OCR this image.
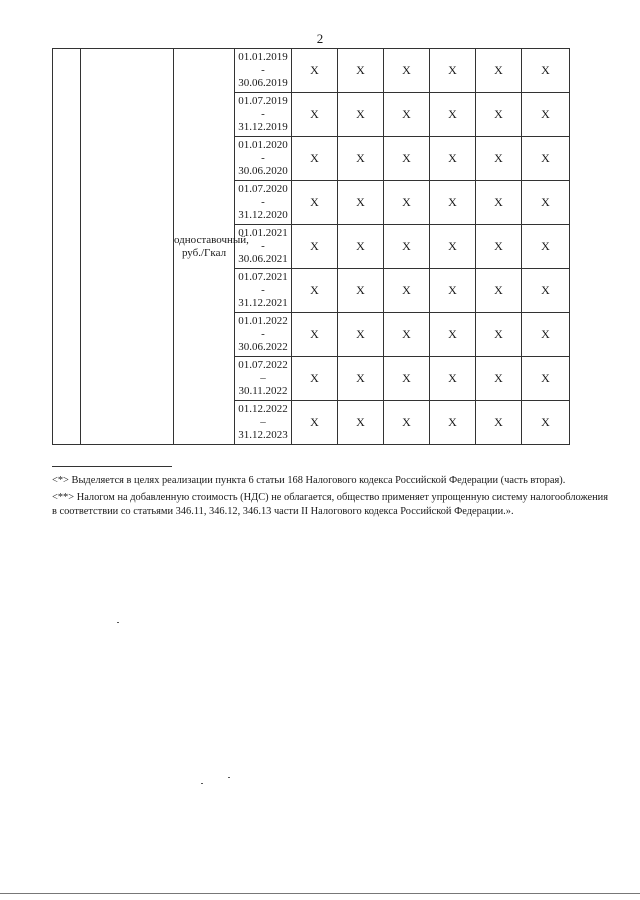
2
		одноставочный, руб./Гкал	01.01.2019
-
30.06.2019	X	X	X	X	X	X

			01.07.2019
-
31.12.2019	X	X	X	X	X	X

			01.01.2020
-
30.06.2020	X	X	X	X	X	X

			01.07.2020
-
31.12.2020	X	X	X	X	X	X

			01.01.2021
-
30.06.2021	X	X	X	X	X	X

			01.07.2021
-
31.12.2021	X	X	X	X	X	X

			01.01.2022
-
30.06.2022	X	X	X	X	X	X

			01.07.2022
–
30.11.2022	X	X	X	X	X	X

			01.12.2022
–
31.12.2023	X	X	X	X	X	X

<*> Выделяется в целях реализации пункта 6 статьи 168 Налогового кодекса Российской Федерации (часть вторая).

<**> Налогом на добавленную стоимость (НДС) не облагается, общество применяет упрощенную систему налогообложения в соответствии со статьями 346.11, 346.12, 346.13 части II Налогового кодекса Российской Федерации.».
